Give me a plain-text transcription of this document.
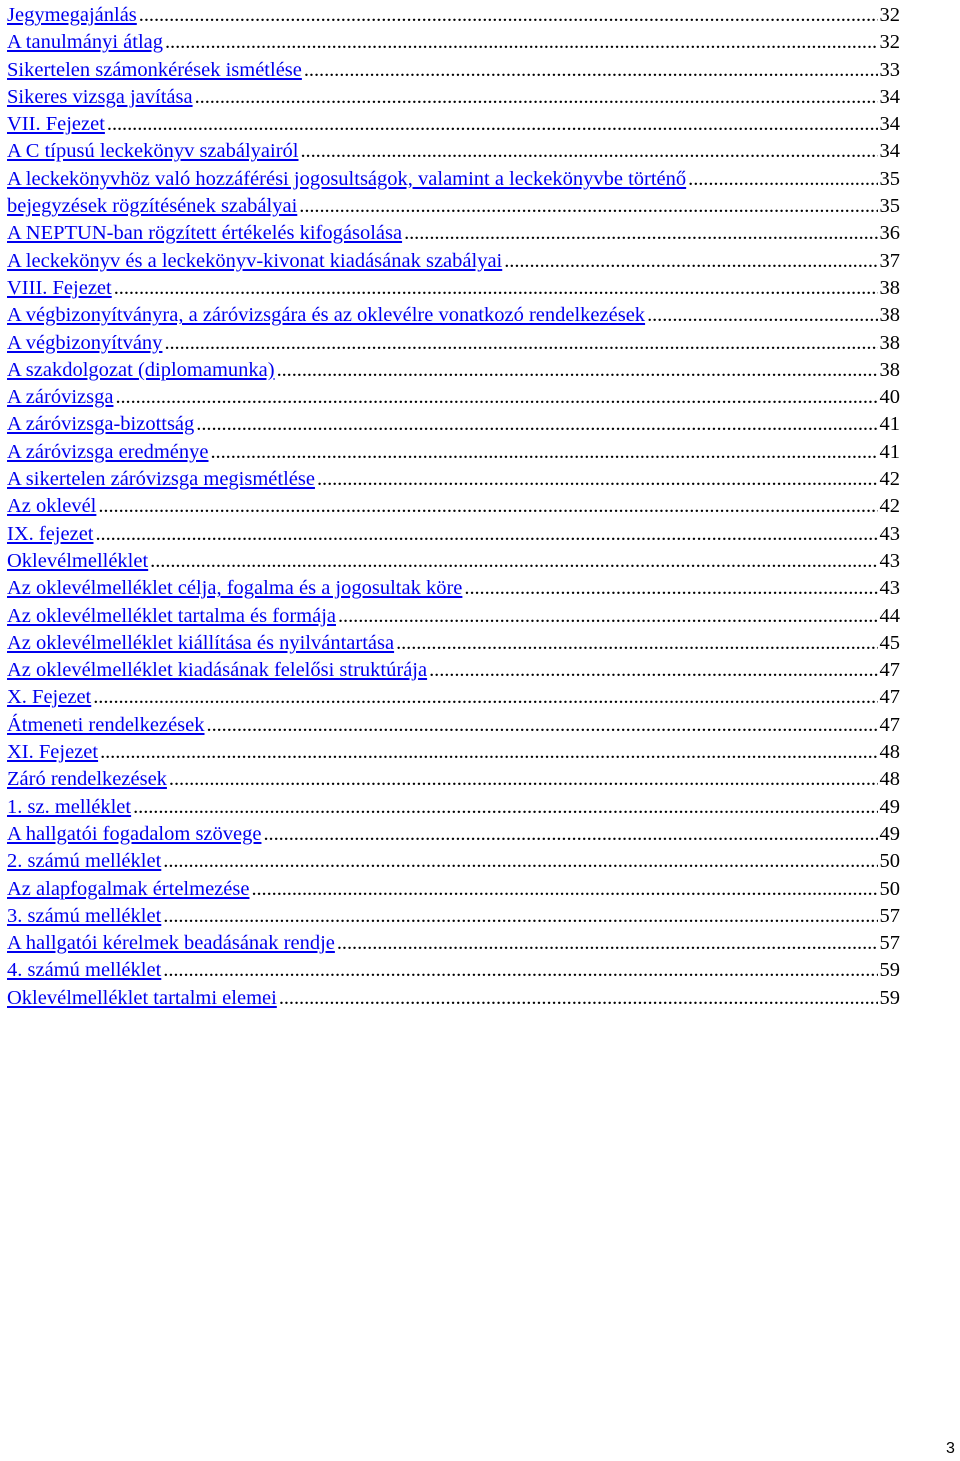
Jegymegajánlás . . .	32
A tanulmányi átlag . . .	32
Sikertelen számonkérések ismétlése . . .	33
Sikeres vizsga javítása . . .	34
VII. Fejezet . . .	34
A C típusú leckekönyv szabályairól . . .	34
A leckekönyvhöz való hozzáférési jogosultságok, valamint a leckekönyvbe történő . . .	35
bejegyzések rögzítésének szabályai . . .	35
A NEPTUN-ban rögzített értékelés kifogásolása . . .	36
A leckekönyv és a leckekönyv-kivonat kiadásának szabályai . . .	37
VIII. Fejezet . . .	38
A végbizonyítványra, a záróvizsgára és az oklevélre vonatkozó rendelkezések . . .	38
A végbizonyítvány . . .	38
A szakdolgozat (diplomamunka) . . .	38
A záróvizsga . . .	40
A záróvizsga-bizottság . . .	41
A záróvizsga eredménye . . .	41
A sikertelen záróvizsga megismétlése . . .	42
Az oklevél . . .	42
IX. fejezet . . .	43
Oklevélmelléklet . . .	43
Az oklevélmelléklet célja, fogalma és a jogosultak köre . . .	43
Az oklevélmelléklet tartalma és formája . . .	44
Az oklevélmelléklet kiállítása és nyilvántartása . . .	45
Az oklevélmelléklet kiadásának felelősi struktúrája . . .	47
X. Fejezet . . .	47
Átmeneti rendelkezések . . .	47
XI. Fejezet . . .	48
Záró rendelkezések . . .	48
1. sz. melléklet . . .	49
A hallgatói fogadalom szövege . . .	49
2. számú melléklet . . .	50
Az alapfogalmak értelmezése . . .	50
3. számú melléklet . . .	57
A hallgatói kérelmek beadásának rendje . . .	57
4. számú melléklet . . .	59
Oklevélmelléklet tartalmi elemei . . .	59
3
